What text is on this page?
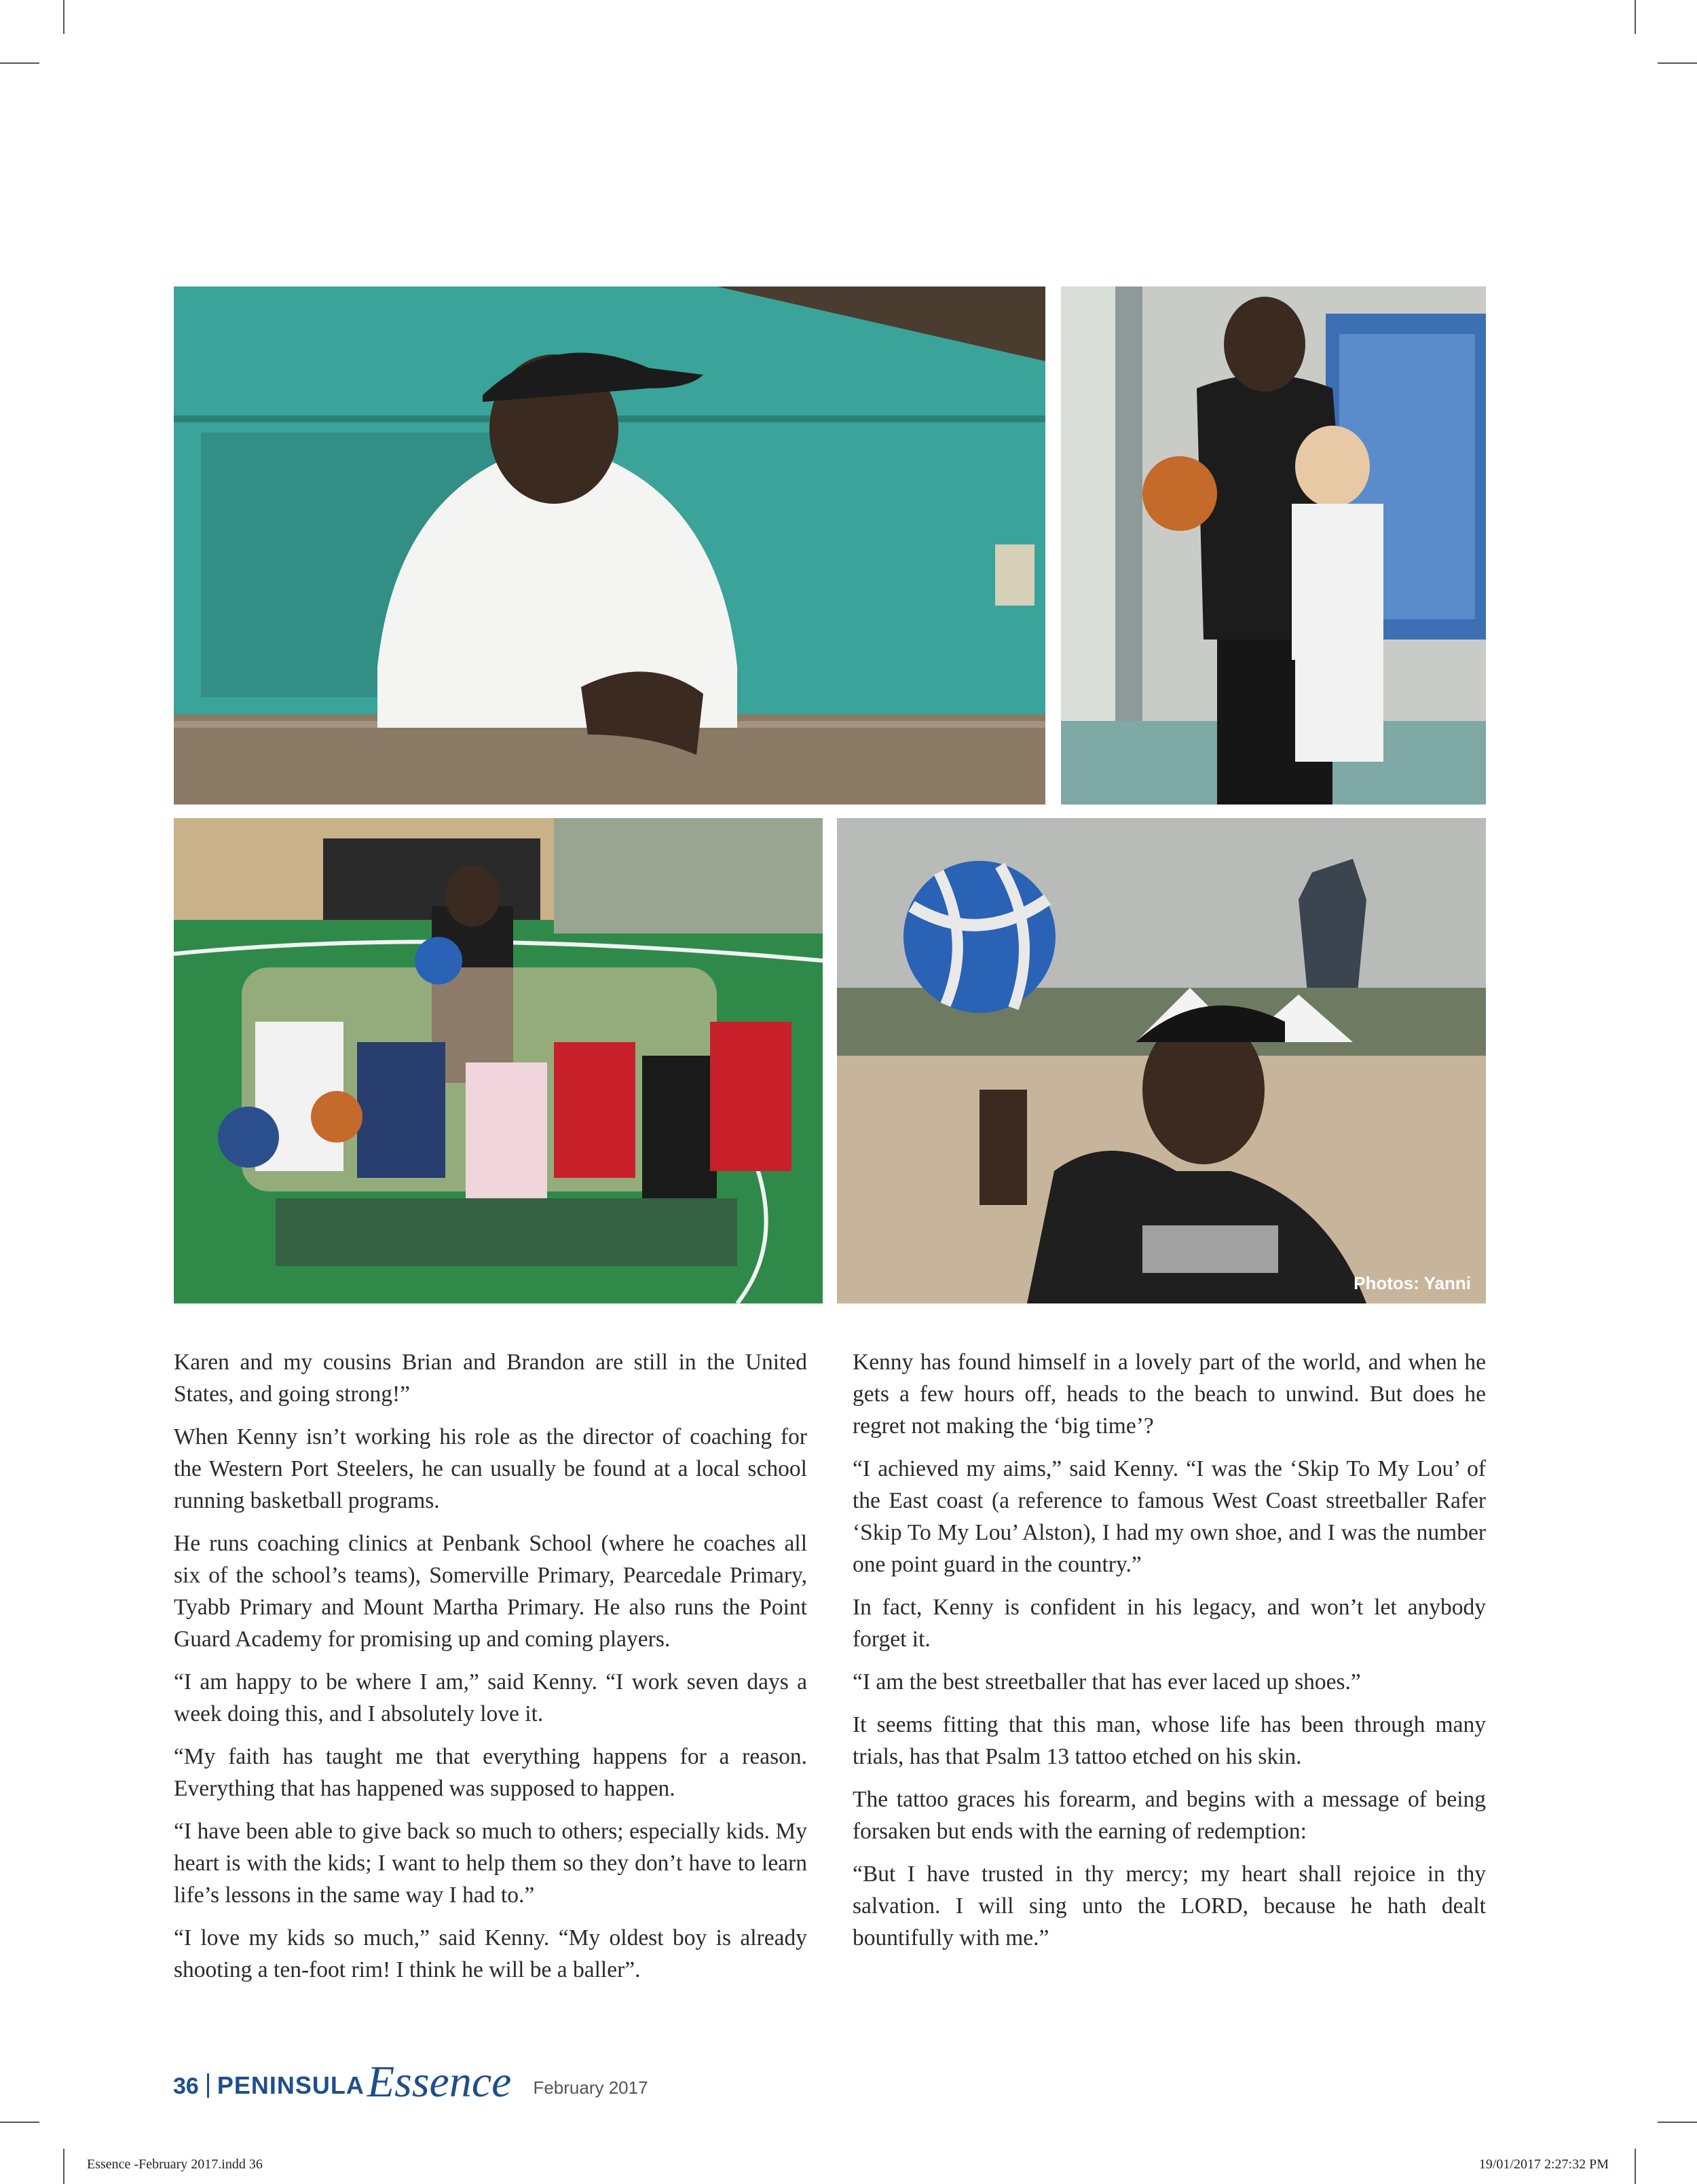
Photos: Yanni

Karen and my cousins Brian and Brandon are still in the United States, and going strong!”

When Kenny isn’t working his role as the director of coaching for the Western Port Steelers, he can usually be found at a local school running basketball programs.

He runs coaching clinics at Penbank School (where he coaches all six of the school’s teams), Somerville Primary, Pearcedale Primary, Tyabb Primary and Mount Martha Primary. He also runs the Point Guard Academy for promising up and coming players.

“I am happy to be where I am,” said Kenny. “I work seven days a week doing this, and I absolutely love it.

“My faith has taught me that everything happens for a reason. Everything that has happened was supposed to happen.

“I have been able to give back so much to others; especially kids. My heart is with the kids; I want to help them so they don’t have to learn life’s lessons in the same way I had to.”

“I love my kids so much,” said Kenny. “My oldest boy is already shooting a ten-foot rim! I think he will be a baller”.

Kenny has found himself in a lovely part of the world, and when he gets a few hours off, heads to the beach to unwind. But does he regret not making the ‘big time’?

“I achieved my aims,” said Kenny. “I was the ‘Skip To My Lou’ of the East coast (a reference to famous West Coast streetballer Rafer ‘Skip To My Lou’ Alston), I had my own shoe, and I was the number one point guard in the country.”

In fact, Kenny is confident in his legacy, and won’t let anybody forget it.

“I am the best streetballer that has ever laced up shoes.”

It seems fitting that this man, whose life has been through many trials, has that Psalm 13 tattoo etched on his skin.

The tattoo graces his forearm, and begins with a message of being forsaken but ends with the earning of redemption:

“But I have trusted in thy mercy; my heart shall rejoice in thy salvation. I will sing unto the LORD, because he hath dealt bountifully with me.”

36 PENINSULA Essence February 2017
Essence -February 2017.indd 36	19/01/2017 2:27:32 PM
